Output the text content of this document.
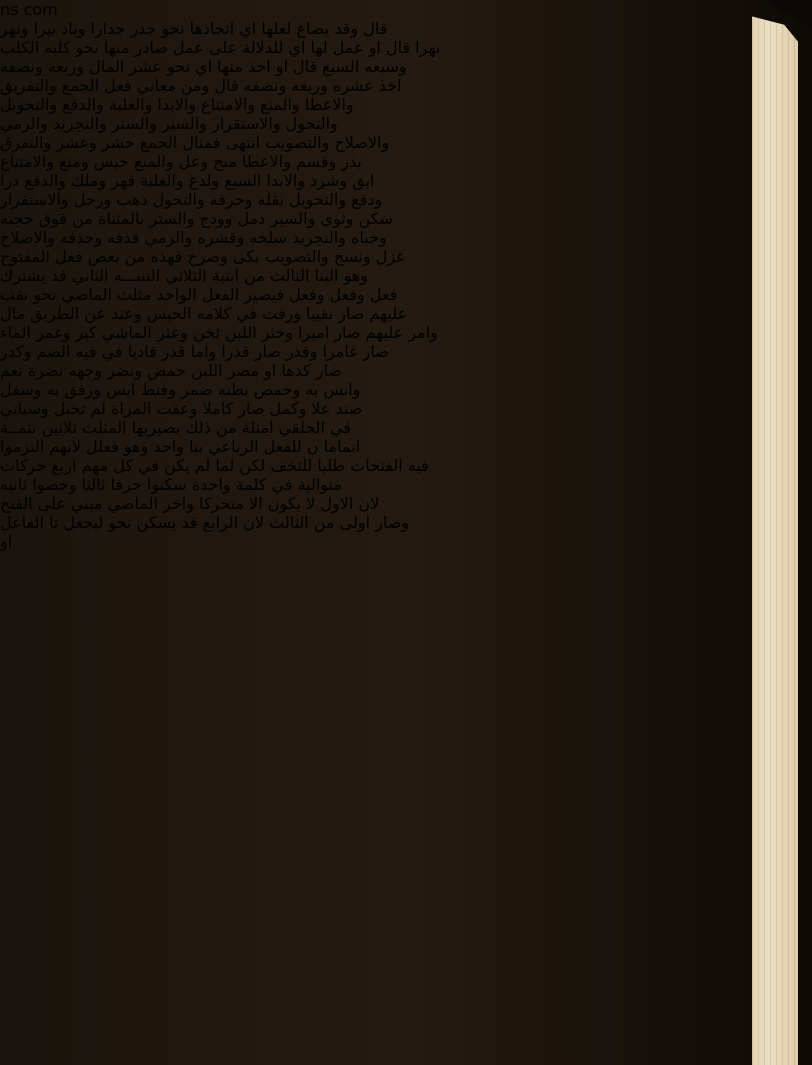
ns com
قال وقد يصاغ لعلها اي اتخاذها نحو جدر جدارا وباد بيرا ونهر
نهرا قال او عمل لها اي للدلالة على عمل صادر منها نحو كلبه الكلب
وسبعه السبع قال او اخذ منها اي نحو عشر المال وربعه ونصفه
اخذ عشره وربعه ونصفه قال ومن معاني فعل الجمع والتفريق
والاعطا والمنع والامتناع والابدا والغلبة والدفع والتحويل
والتحول والاستقرار والسير والستر والتجريد والرمي
والاصلاح والتصويب انتهى فمثال الجمع حشر وعشر والتفرق
بذر وقسم والاعطا منح وعل والمنع حبس ومتع والامتناع
ابق وشرد والابدا السبع ولدغ والغلبة قهر وملك والدفع درا
ودفع والتحويل نقله وحرفه والتحول ذهب ورحل والاستقرار
سكن وثوى والسير دمل وودج والستر بالمثناة من فوق حجبه
وخباه والتجريد سلخه وقشره والرمي قذفه وحذفه والاصلاح
غزل ونسج والتصويب بكى وصرخ فهذه من بعض فعل المفتوح
وهو البنا الثالث من ابنية الثلاثي التنبـــه الثاني قد يشترك
فعل وفعل وفعل فيصير الفعل الواحد مثلث الماضي نحو نقب
عليهم صار نقيبا ورفت في كلامه الحبس وعند عن الطريق مال
وامر عليهم صار اميرا وخثر اللبن ثخن وعثر الماشي كبر وغمر الماء
صار غامرا وقذر صار قذرا واما قذر فاديا في فيه الضم وكدر
صار كدها او مصر اللبن حمض ونضر وجهه نضرة نعم
وانس به وحمص بطنه ضمر وفنط ايس ورفق به وسفل
صند علا وكمل صار كاملا وعقت المراة لم تحبل وسياتي
في الحلقي امثلة من ذلك بصيريها المثلث ثلاثين تتمــة
اتماما ن للفعل الرباعي بنا واحد وهو فعلل لانهم التزموا
فيه الفتحات طلبا للتخف لكن لما لم يكن في كل مهم اربع حركات
متوالية في كلمة واحدة سكنوا حرفا ثالثا وخصوا ثانيه
لان الاول لا يكون الا متحركا واخر الماضي مبني على الفتح
وصار اولى من الثالث لان الرابع قد يسكن نحو ليجعل تا الفاعل
او
